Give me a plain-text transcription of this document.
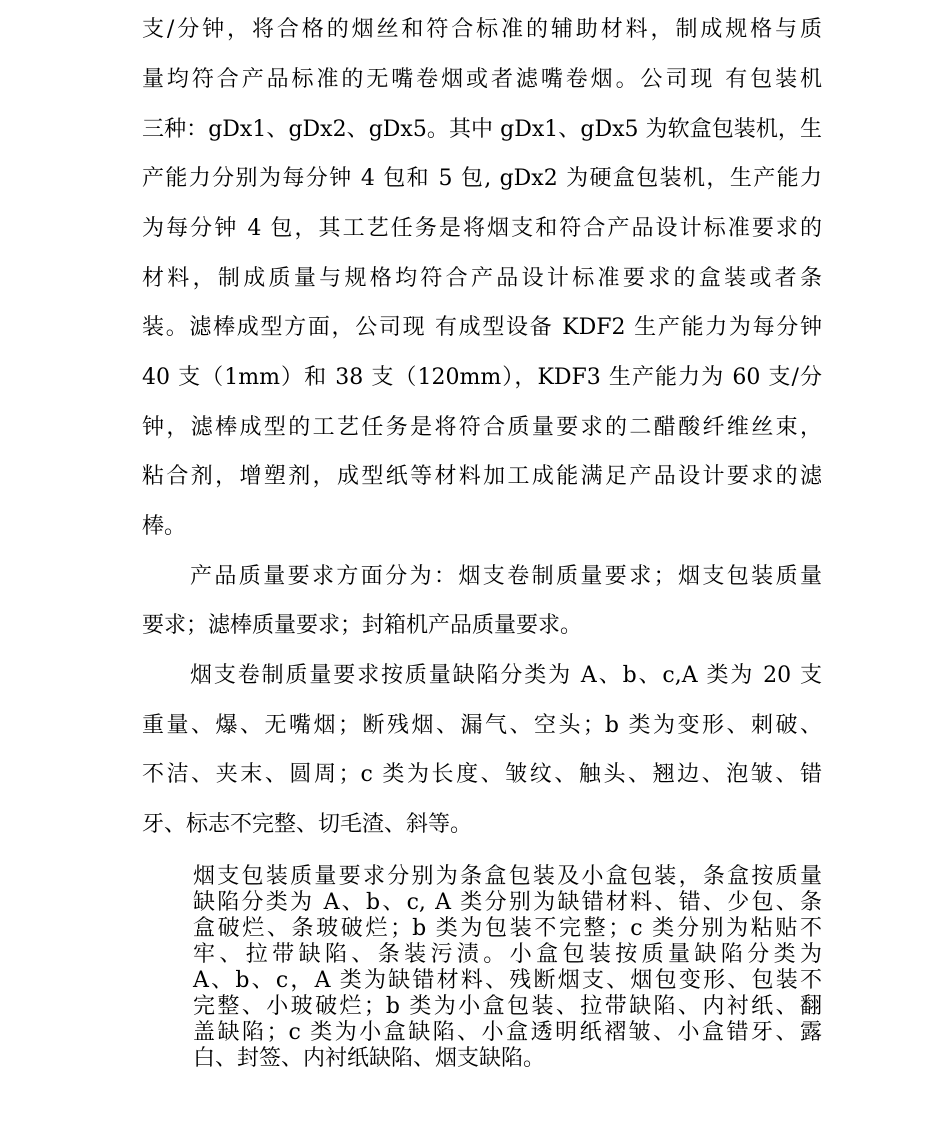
支/分钟，将合格的烟丝和符合标准的辅助材料，制成规格与质
量均符合产品标准的无嘴卷烟或者滤嘴卷烟。公司现 有包装机
三种：gDx1、gDx2、gDx5。其中 gDx1、gDx5 为软盒包装机，生
产能力分别为每分钟 4 包和 5 包, gDx2 为硬盒包装机，生产能力
为每分钟 4 包，其工艺任务是将烟支和符合产品设计标准要求的
材料，制成质量与规格均符合产品设计标准要求的盒装或者条
装。滤棒成型方面，公司现 有成型设备 KDF2 生产能力为每分钟
40 支（1mm）和 38 支（120mm），KDF3 生产能力为 60 支/分
钟，滤棒成型的工艺任务是将符合质量要求的二醋酸纤维丝束，
粘合剂，增塑剂，成型纸等材料加工成能满足产品设计要求的滤
棒。
产品质量要求方面分为：烟支卷制质量要求；烟支包装质量
要求；滤棒质量要求；封箱机产品质量要求。
烟支卷制质量要求按质量缺陷分类为 A、b、c,A 类为 20 支
重量、爆、无嘴烟；断残烟、漏气、空头；b 类为变形、刺破、
不洁、夹末、圆周；c 类为长度、皱纹、触头、翘边、泡皱、错
牙、标志不完整、切毛渣、斜等。
烟支包装质量要求分别为条盒包装及小盒包装，条盒按质量
缺陷分类为 A、b、c, A 类分别为缺错材料、错、少包、条
盒破烂、条玻破烂；b 类为包装不完整；c 类分别为粘贴不
牢、拉带缺陷、条装污渍。小盒包装按质量缺陷分类为
A、b、c，A 类为缺错材料、残断烟支、烟包变形、包装不
完整、小玻破烂；b 类为小盒包装、拉带缺陷、内衬纸、翻
盖缺陷；c 类为小盒缺陷、小盒透明纸褶皱、小盒错牙、露
白、封签、内衬纸缺陷、烟支缺陷。
